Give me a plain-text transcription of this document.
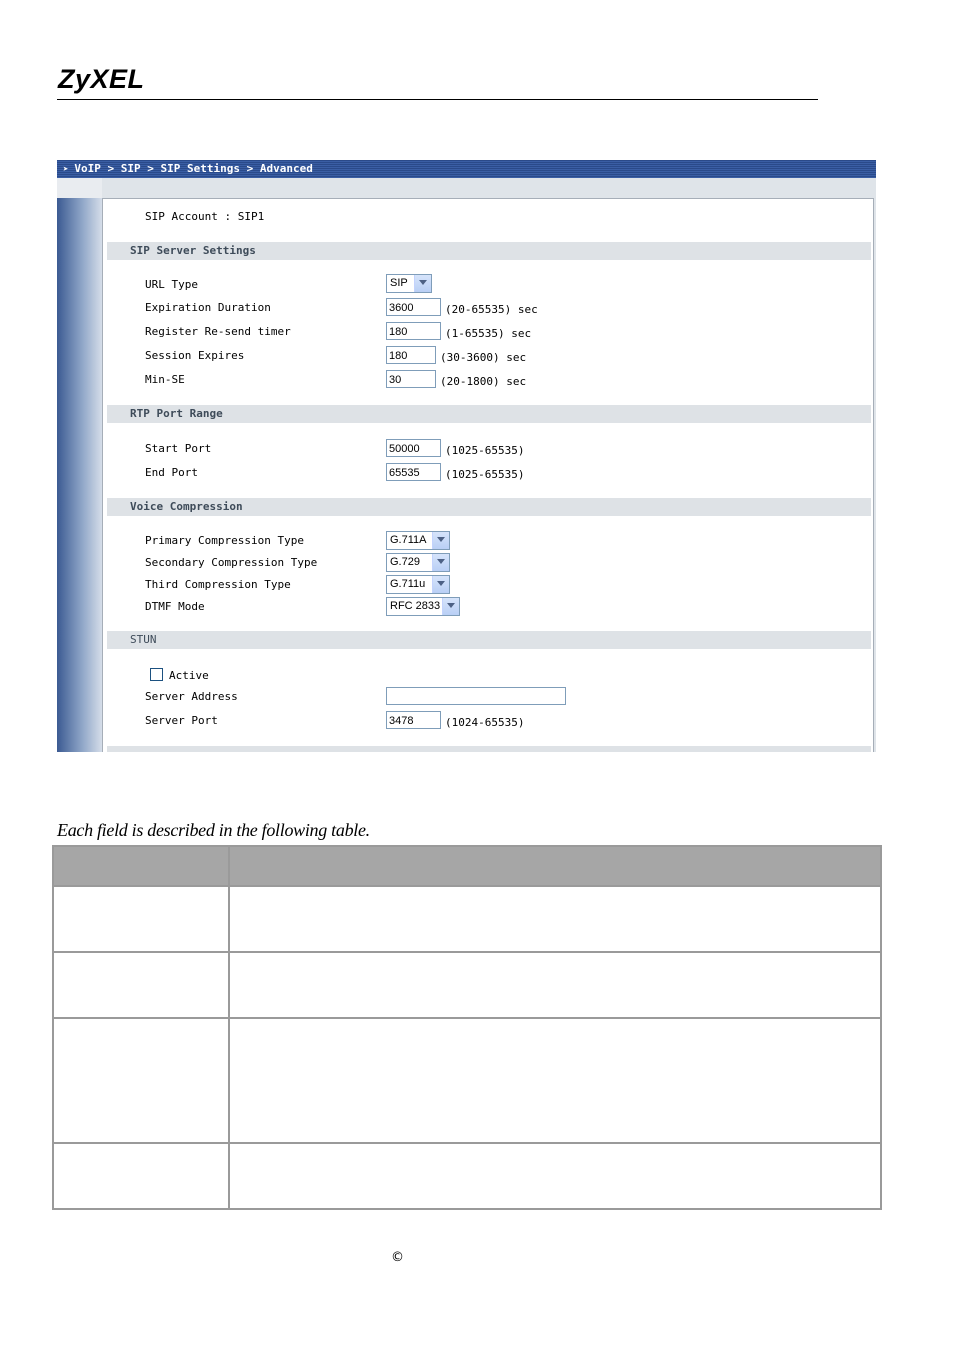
ZyXEL
➤ VoIP > SIP > SIP Settings > Advanced
SIP Account : SIP1
SIP Server Settings
URL Type	SIP
Expiration Duration	3600	(20-65535) sec
Register Re-send timer	180	(1-65535) sec
Session Expires	180	(30-3600) sec
Min-SE	30	(20-1800) sec
RTP Port Range
Start Port	50000	(1025-65535)
End Port	65535	(1025-65535)
Voice Compression
Primary Compression Type	G.711A
Secondary Compression Type	G.729
Third Compression Type	G.711u
DTMF Mode	RFC 2833
STUN
Active
Server Address
Server Port	3478	(1024-65535)
Each field is described in the following table.

©
